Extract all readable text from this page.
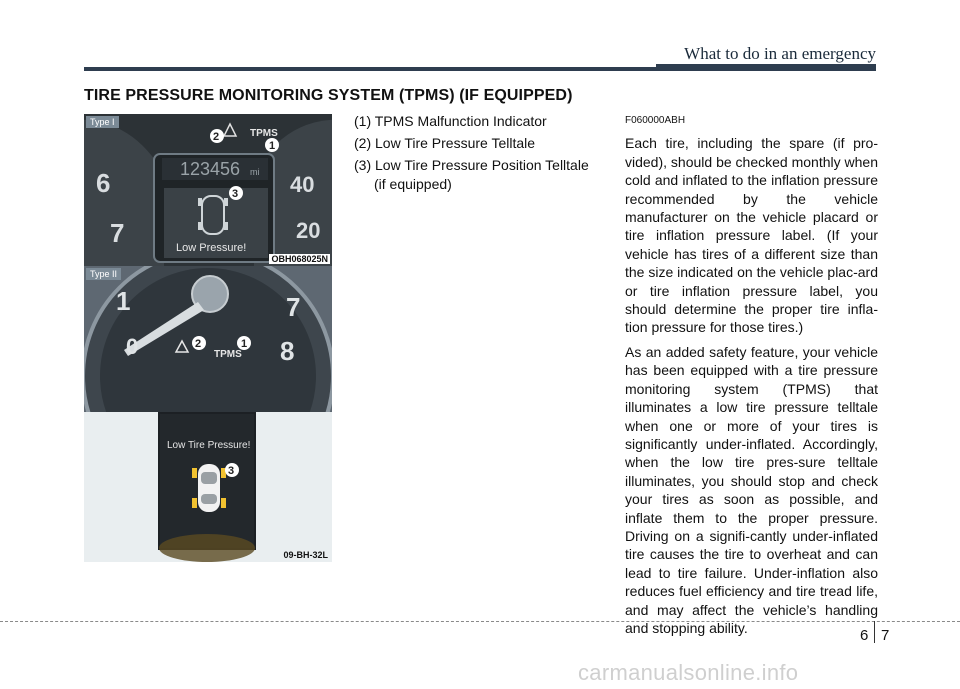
What to do in an emergency
TIRE PRESSURE MONITORING SYSTEM (TPMS) (IF EQUIPPED)
2
1
3
TPMS
123456 mi
Low Pressure!
6
7
40
20
Type I
OBH068025N
2	1
TPMS
1
0
7
8
Type II
3
Low Tire Pressure!
09-BH-32L
(1) TPMS Malfunction Indicator
(2) Low Tire Pressure Telltale
(3) Low Tire Pressure Position Telltale
(if equipped)
F060000ABH

Each tire, including the spare (if pro-vided), should be checked monthly when cold and inflated to the inflation pressure recommended by the vehicle manufacturer on the vehicle placard or tire inflation pressure label. (If your vehicle has tires of a different size than the size indicated on the vehicle plac-ard or tire inflation pressure label, you should determine the proper tire infla-tion pressure for those tires.)

As an added safety feature, your vehicle has been equipped with a tire pressure monitoring system (TPMS) that illuminates a low tire pressure telltale when one or more of your tires is significantly under-inflated. Accordingly, when the low tire pres-sure telltale illuminates, you should stop and check your tires as soon as possible, and inflate them to the proper pressure. Driving on a signifi-cantly under-inflated tire causes the tire to overheat and can lead to tire failure. Under-inflation also reduces fuel efficiency and tire tread life, and may affect the vehicle’s handling and stopping ability.	6 7
carmanualsonline.info
